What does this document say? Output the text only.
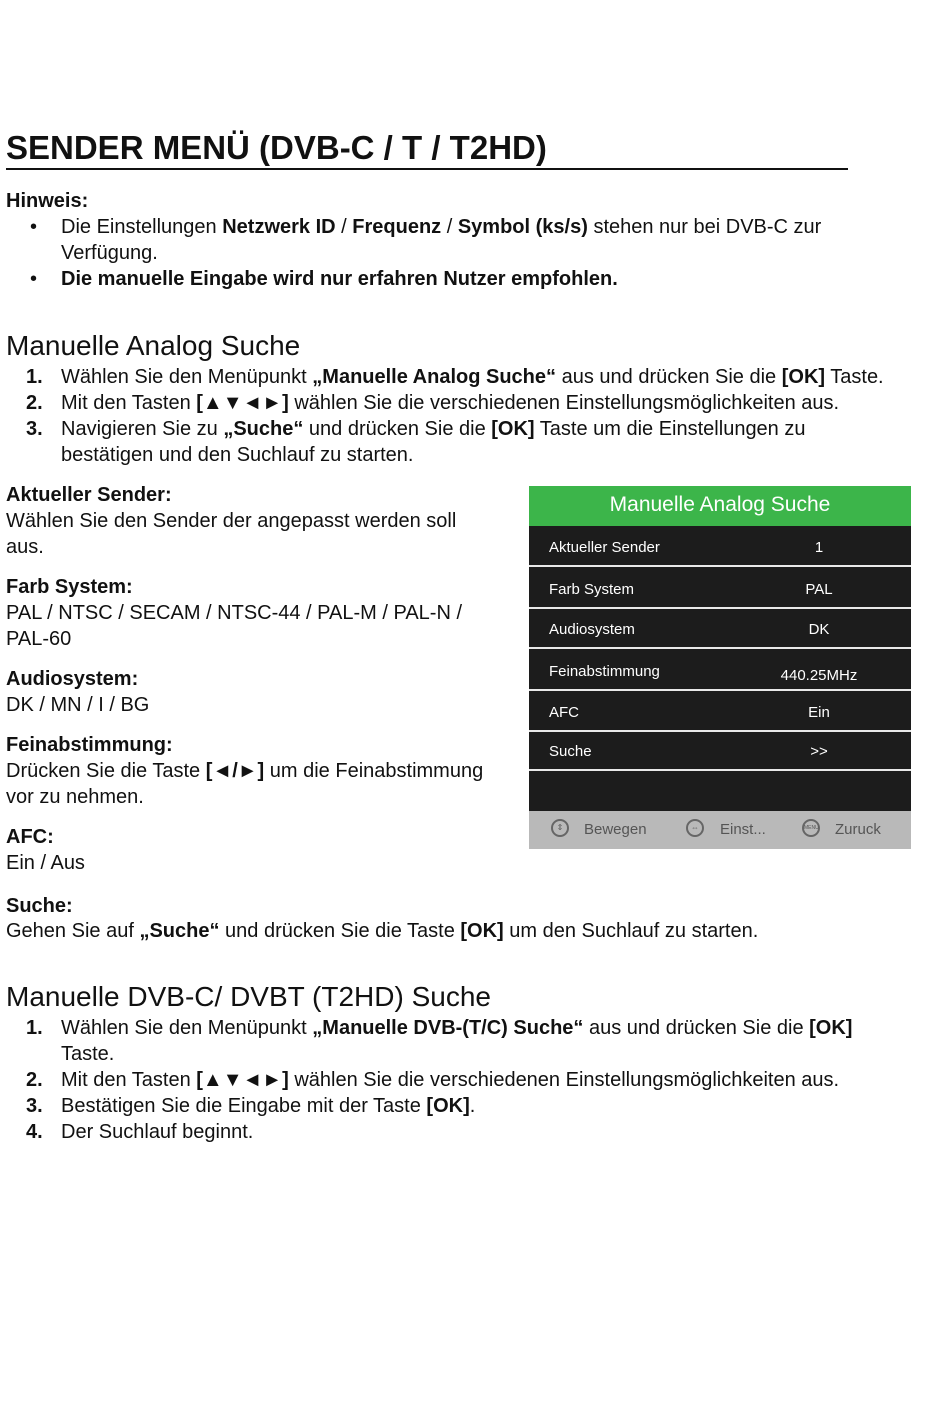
SENDER MENÜ (DVB-C / T / T2HD)
Hinweis:
• Die Einstellungen Netzwerk ID / Frequenz / Symbol (ks/s) stehen nur bei DVB-C zur
Verfügung.
• Die manuelle Eingabe wird nur erfahren Nutzer empfohlen.
Manuelle Analog Suche
1. Wählen Sie den Menüpunkt „Manuelle Analog Suche“ aus und drücken Sie die [OK] Taste.
2. Mit den Tasten [▲▼◄►] wählen Sie die verschiedenen Einstellungsmöglichkeiten aus.
3. Navigieren Sie zu „Suche“ und drücken Sie die [OK] Taste um die Einstellungen zu
bestätigen und den Suchlauf zu starten.
Aktueller Sender:
Wählen Sie den Sender der angepasst werden soll
aus.
Farb System:
PAL / NTSC / SECAM / NTSC-44 / PAL-M / PAL-N /
PAL-60
Audiosystem:
DK / MN / I / BG
Feinabstimmung:
Drücken Sie die Taste [◄/►] um die Feinabstimmung
vor zu nehmen.
AFC:
Ein / Aus
Suche:
Gehen Sie auf „Suche“ und drücken Sie die Taste [OK] um den Suchlauf zu starten.
Manuelle Analog Suche
Aktueller Sender	1
Farb System	PAL
Audiosystem	DK
Feinabstimmung	440.25MHz
AFC	Ein
Suche	>>
⇕	Bewegen	⇔	Einst...	MENU Zuruck
Manuelle DVB-C/ DVBT (T2HD) Suche
1. Wählen Sie den Menüpunkt „Manuelle DVB-(T/C) Suche“ aus und drücken Sie die [OK]
Taste.
2. Mit den Tasten [▲▼◄►] wählen Sie die verschiedenen Einstellungsmöglichkeiten aus.
3. Bestätigen Sie die Eingabe mit der Taste [OK].
4. Der Suchlauf beginnt.
